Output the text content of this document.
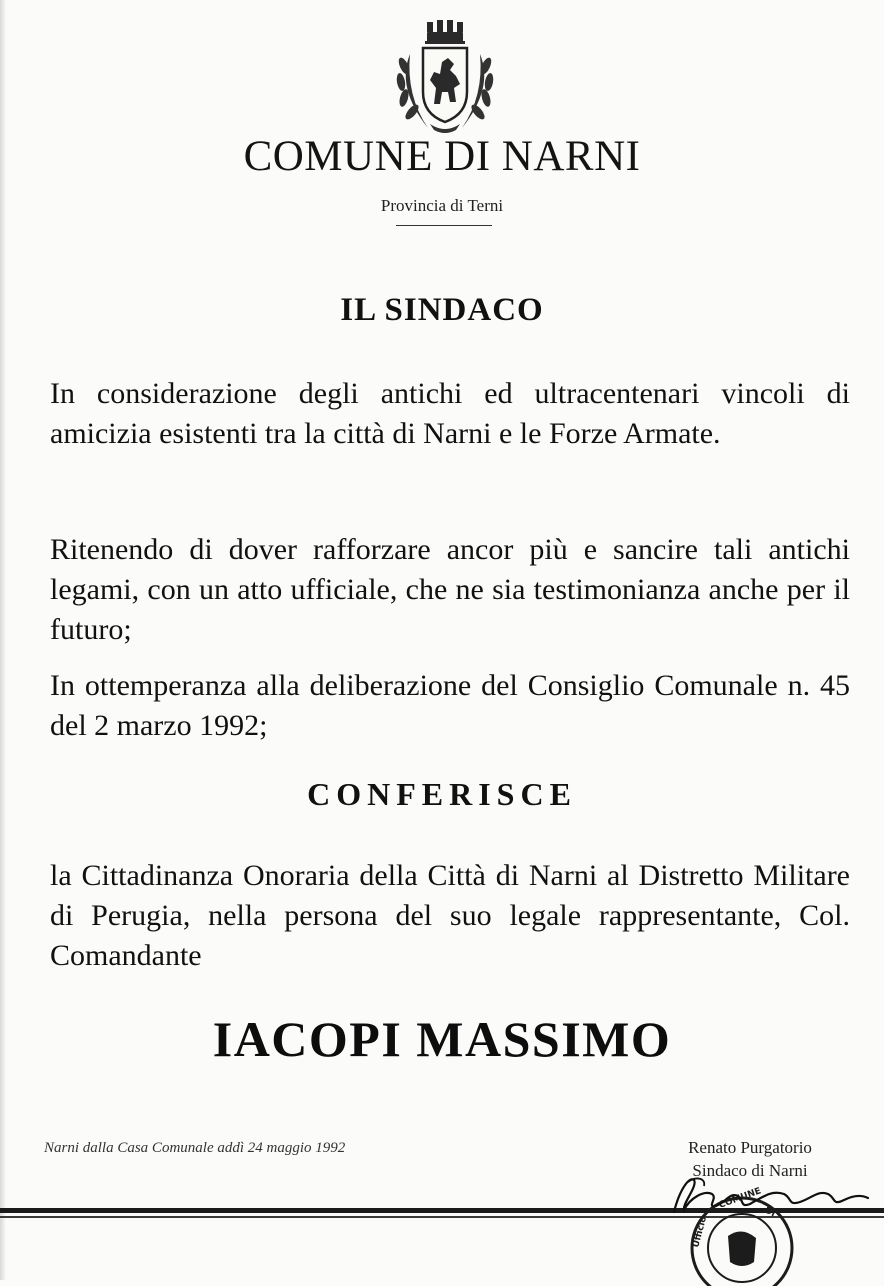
COMUNE DI NARNI
Provincia di Terni
IL SINDACO

In considerazione degli antichi ed ultracentenari vincoli di amicizia esistenti tra la città di Narni e le Forze Armate.

Ritenendo di dover rafforzare ancor più e sancire tali antichi legami, con un atto ufficiale, che ne sia testimonianza anche per il futuro;

In ottemperanza alla deliberazione del Consiglio Comunale n. 45 del 2 marzo 1992;

CONFERISCE

la Cittadinanza Onoraria della Città di Narni al Distretto Militare di Perugia, nella persona del suo legale rappresentante, Col. Comandante

IACOPI MASSIMO
Narni dalla Casa Comunale addì 24 maggio 1992	Renato Purgatorio
Sindaco di Narni
COMUNE
DI
Ufficio
